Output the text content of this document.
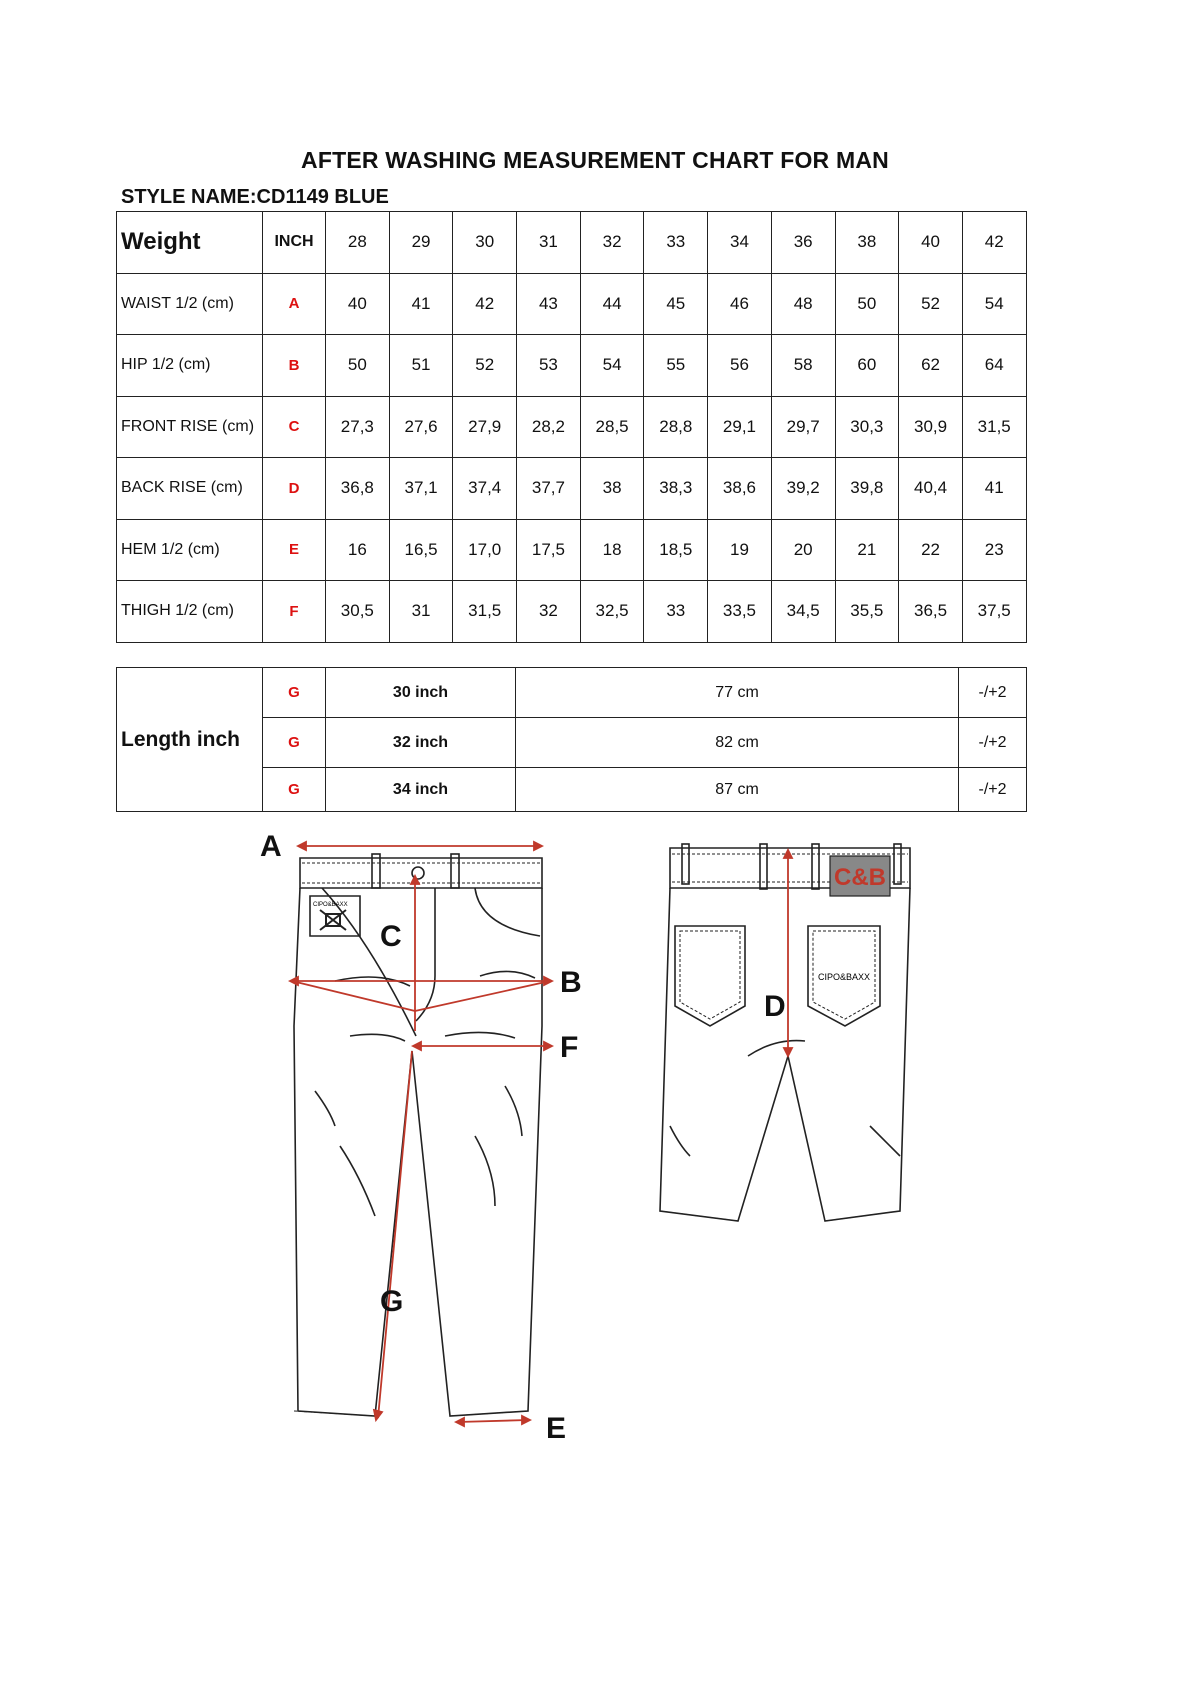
AFTER WASHING MEASUREMENT CHART FOR MAN
STYLE NAME:CD1149 BLUE
Weight	INCH	28	29	30	31	32	33	34	36	38	40	42
WAIST 1/2 (cm)	A	40	41	42	43	44	45	46	48	50	52	54
HIP 1/2 (cm)	B	50	51	52	53	54	55	56	58	60	62	64
FRONT RISE (cm)	C	27,3	27,6	27,9	28,2	28,5	28,8	29,1	29,7	30,3	30,9	31,5
BACK RISE (cm)	D	36,8	37,1	37,4	37,7	38	38,3	38,6	39,2	39,8	40,4	41
HEM 1/2 (cm)	E	16	16,5	17,0	17,5	18	18,5	19	20	21	22	23
THIGH 1/2 (cm)	F	30,5	31	31,5	32	32,5	33	33,5	34,5	35,5	36,5	37,5
Length inch	G	30 inch	77 cm	-/+2
	G	32 inch	82 cm	-/+2
	G	34 inch	87 cm	-/+2
CIPO&BAXX
C&B
CIPO&BAXX
A
B
C
D
E
F
G
